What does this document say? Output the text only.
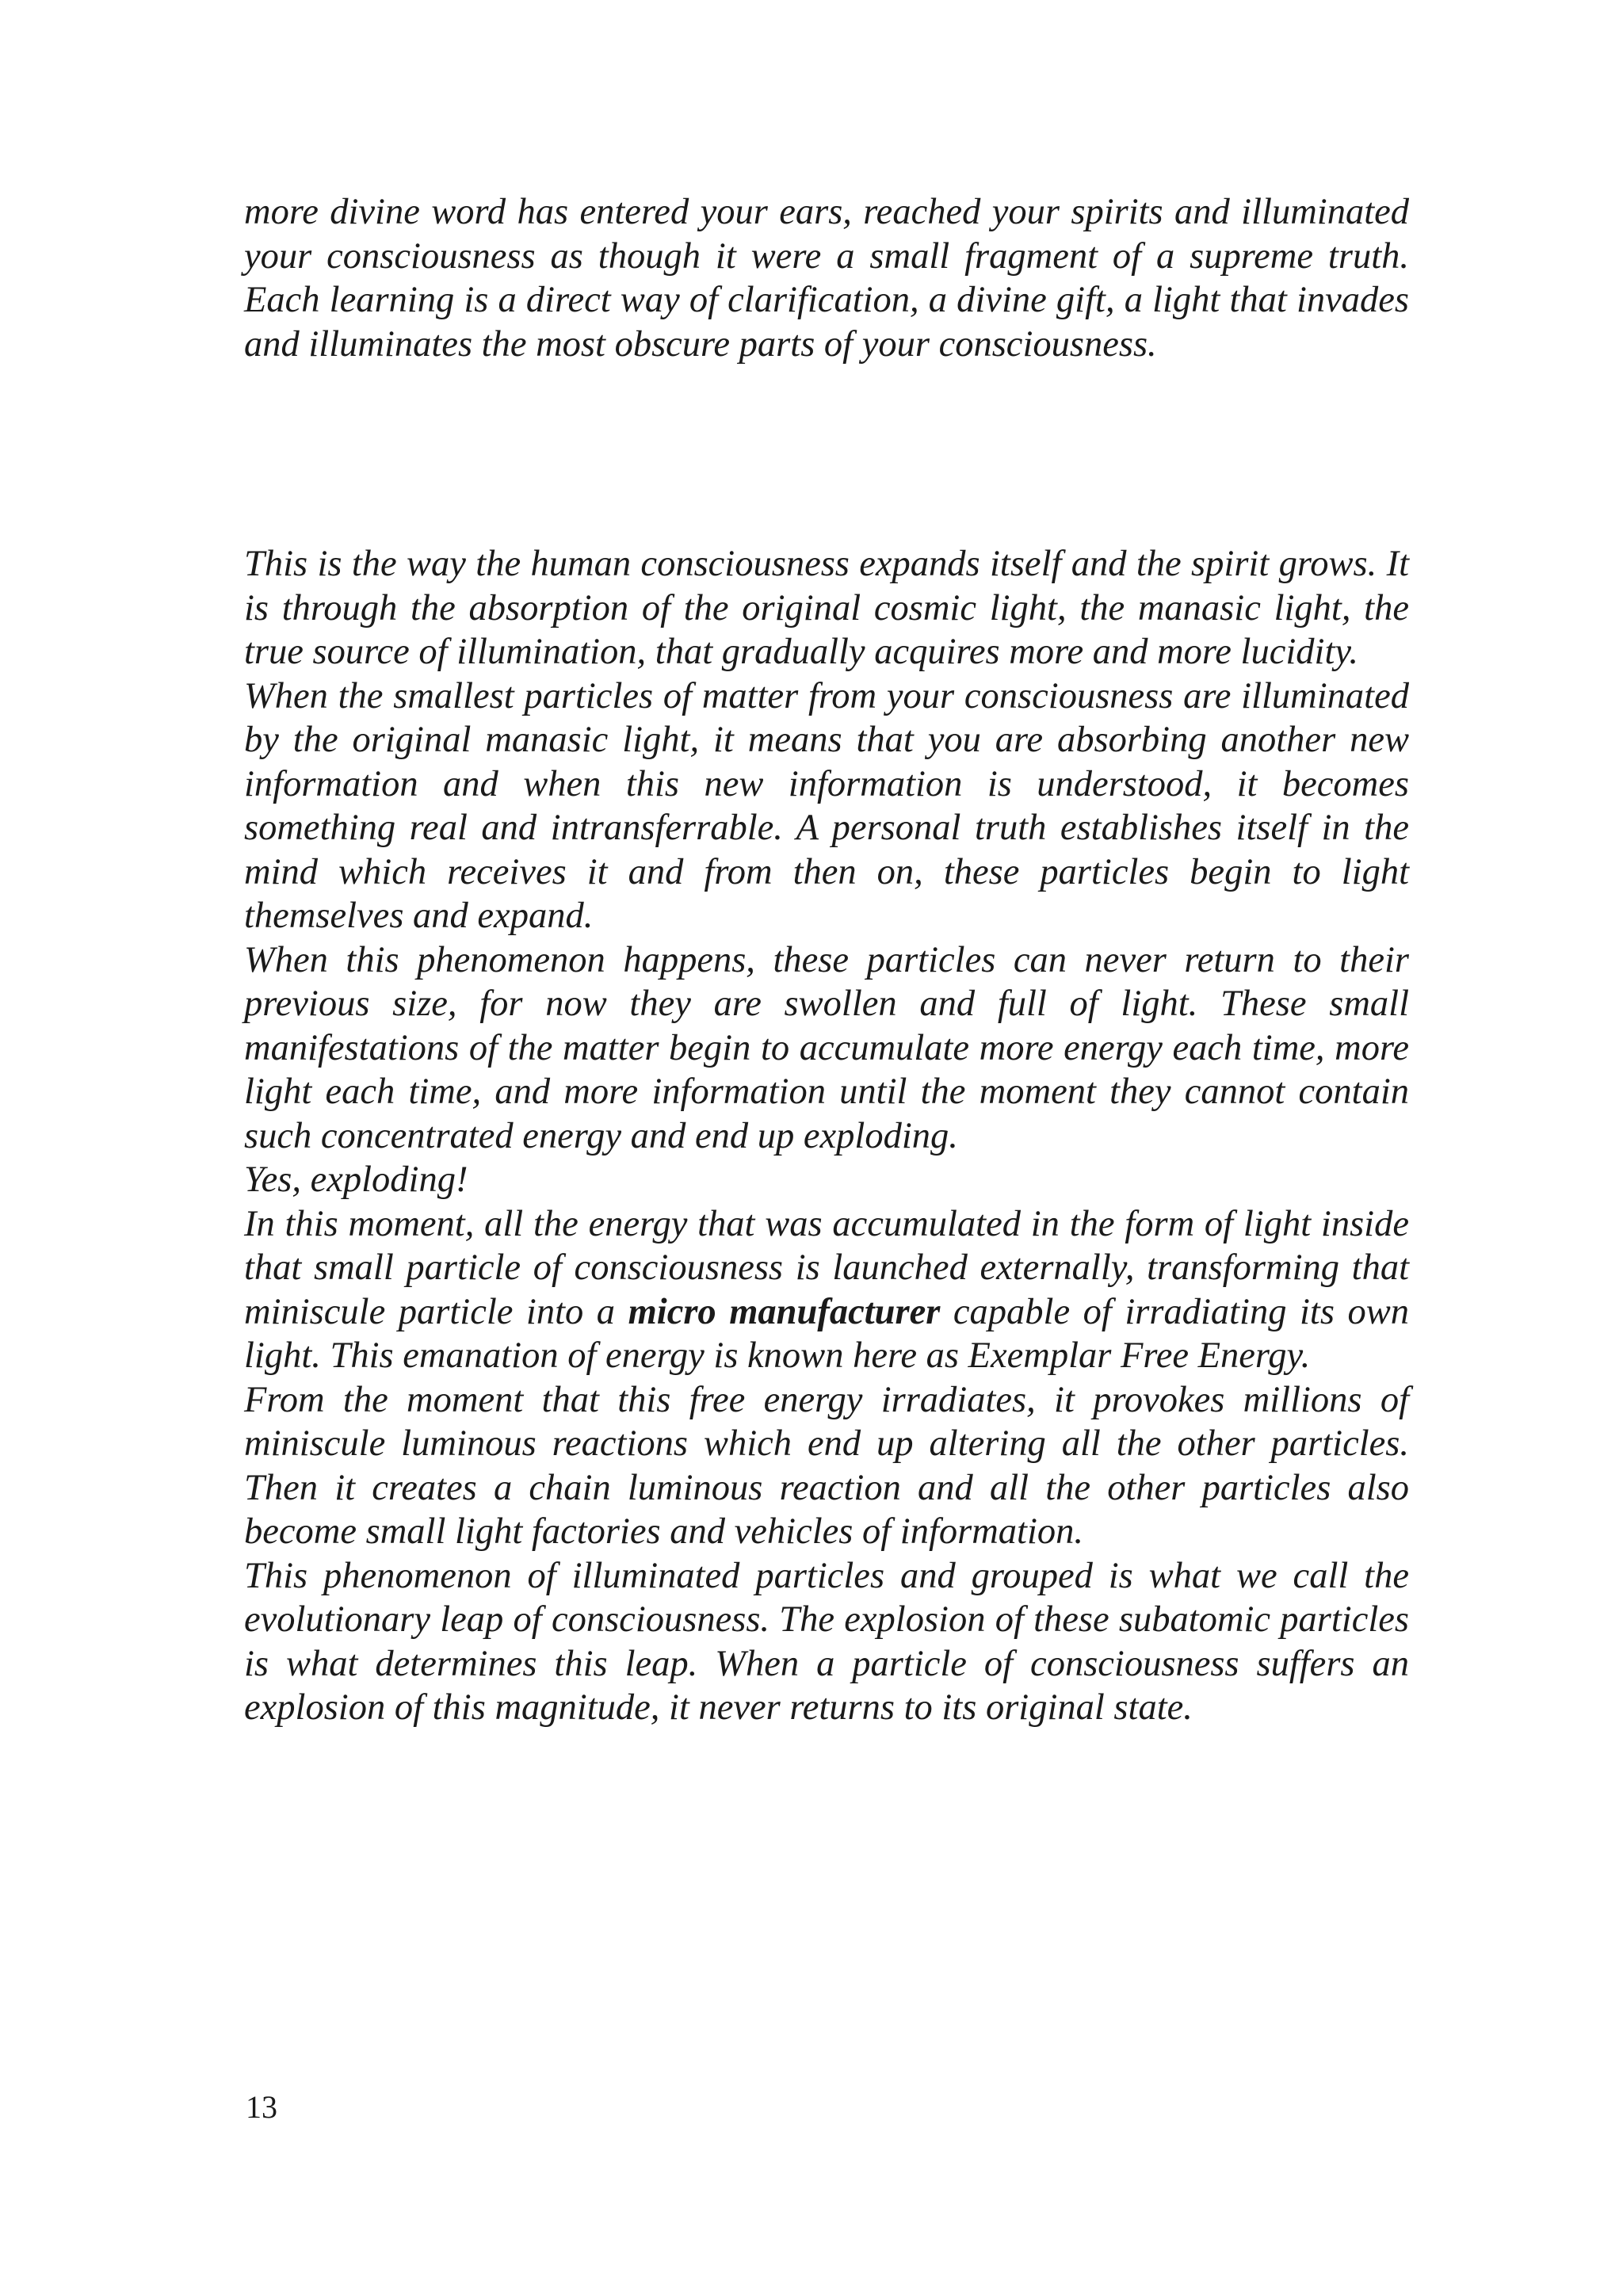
more divine word has entered your ears, reached your spirits and illuminated your consciousness as though it were a small fragment of a supreme truth. Each learning is a direct way of clarification, a divine gift, a light that invades and illuminates the most obscure parts of your consciousness.

This is the way the human consciousness expands itself and the spirit grows. It is through the absorption of the original cosmic light, the manasic light, the true source of illumination, that gradually acquires more and more lucidity.

When the smallest particles of matter from your consciousness are illuminated by the original manasic light, it means that you are absorbing another new information and when this new information is understood, it becomes something real and intransferrable. A personal truth establishes itself in the mind which receives it and from then on, these particles begin to light themselves and expand.

When this phenomenon happens, these particles can never return to their previous size, for now they are swollen and full of light. These small manifestations of the matter begin to accumulate more energy each time, more light each time, and more information until the moment they cannot contain such concentrated energy and end up exploding.

Yes, exploding!

In this moment, all the energy that was accumulated in the form of light inside that small particle of consciousness is launched externally, transforming that miniscule particle into a micro manufacturer capable of irradiating its own light. This emanation of energy is known here as Exemplar Free Energy.

From the moment that this free energy irradiates, it provokes millions of miniscule luminous reactions which end up altering all the other particles. Then it creates a chain luminous reaction and all the other particles also become small light factories and vehicles of information.

This phenomenon of illuminated particles and grouped is what we call the evolutionary leap of consciousness. The explosion of these subatomic particles is what determines this leap. When a particle of consciousness suffers an explosion of this magnitude, it never returns to its original state.

13
